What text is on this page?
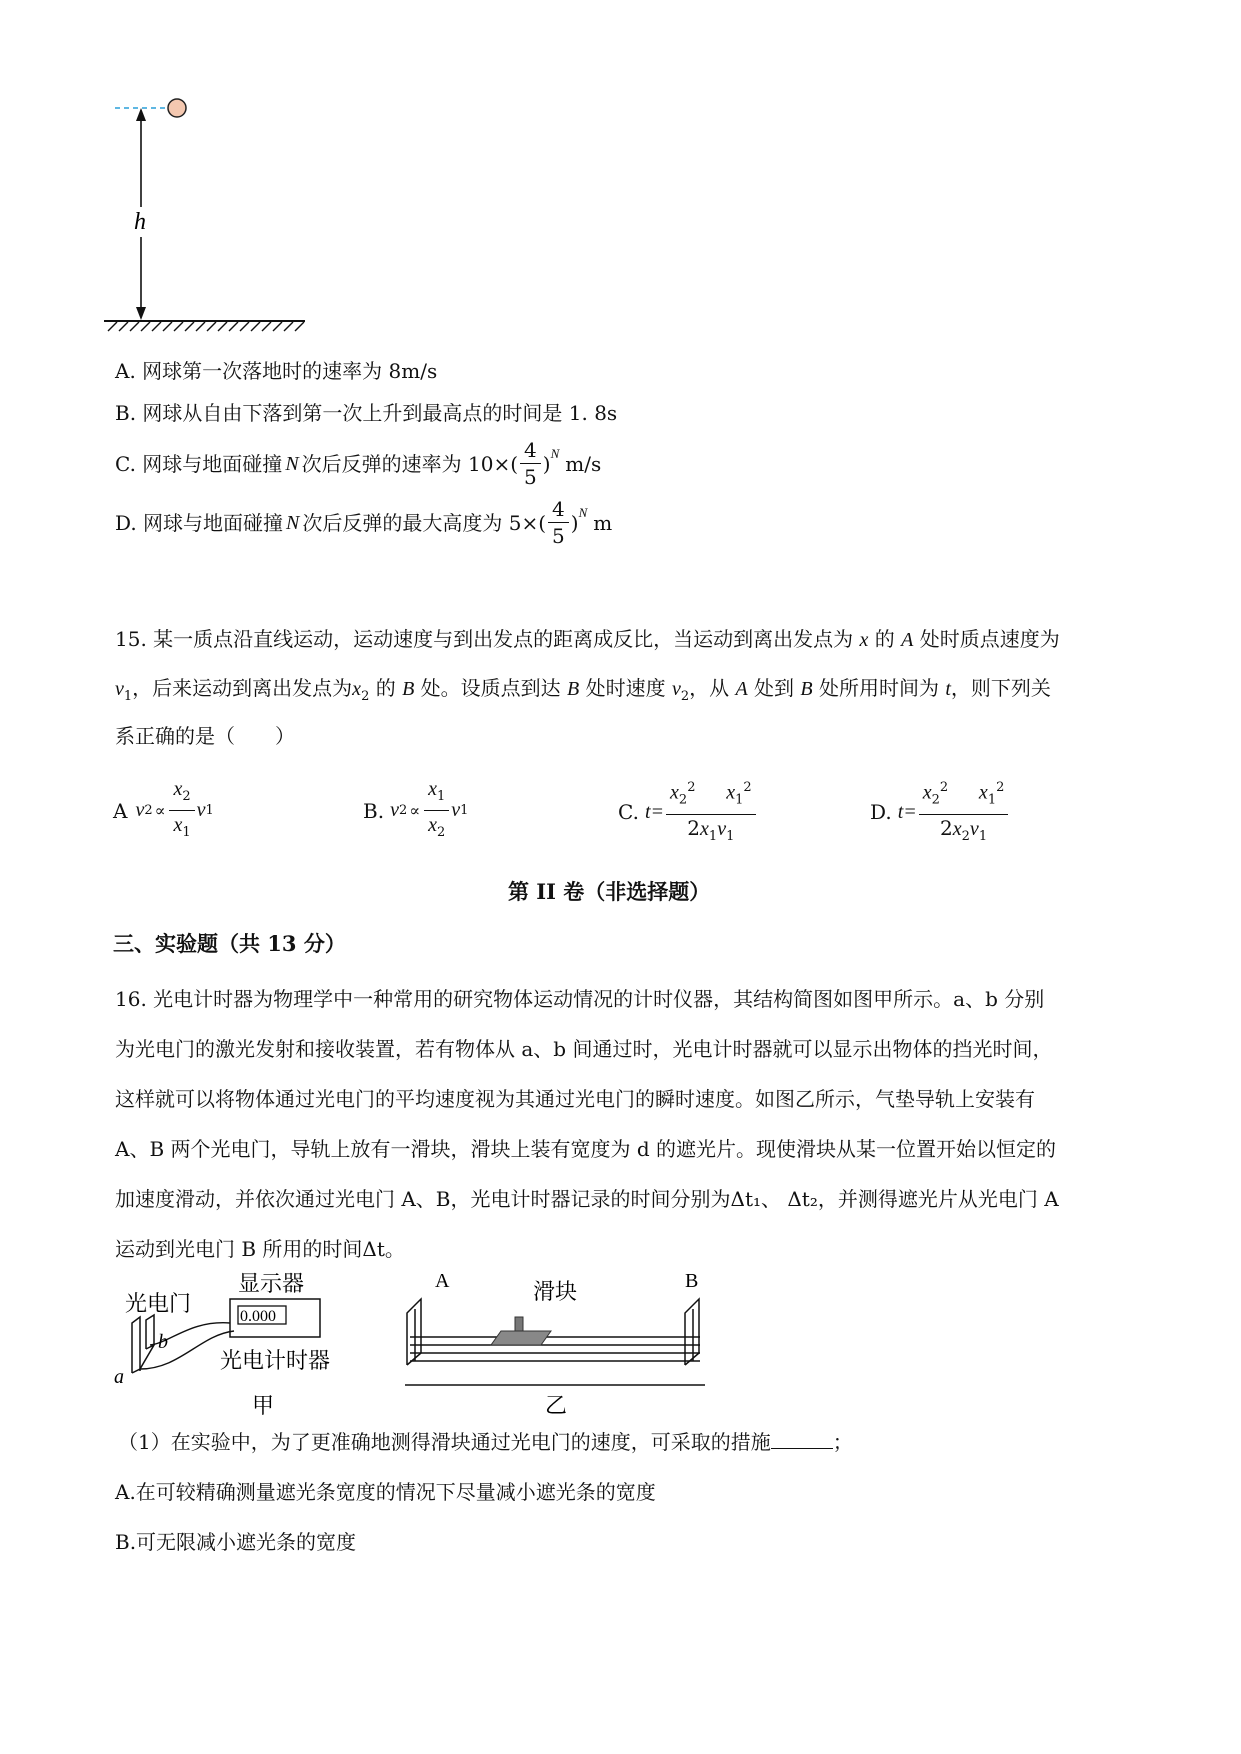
h
A. 网球第一次落地时的速率为 8m/s
B. 网球从自由下落到第一次上升到最高点的时间是 1. 8s
C. 网球与地面碰撞 N 次后反弹的速率为 $10\times( \frac{4}{5} )^N$ m/s
D. 网球与地面碰撞 N 次后反弹的最大高度为 $5\times( \frac{4}{5} )^N$ m
15. 某一质点沿直线运动，运动速度与到出发点的距离成反比，当运动到离出发点为 x 的 A 处时质点速度为
$v_1$，后来运动到离出发点为$x_2$ 的 B 处。设质点到达 B 处时速度 $v_2$，从 A 处到 B 处所用时间为 t，则下列关
系正确的是（　　）
A v $2 \propto \frac{x_2}{x_1}$ v 1	B. v $2 \propto \frac{x_1}{x_2}$ v 1	C. $t= \frac{x_2^2 x_1^2}{2x_1v_1}$	D. $t= \frac{x_2^2 x_1^2}{2x_2v_1}$
第 II 卷（非选择题）
三、实验题（共 13 分）
16. 光电计时器为物理学中一种常用的研究物体运动情况的计时仪器，其结构简图如图甲所示。a、b 分别
为光电门的激光发射和接收装置，若有物体从 a、b 间通过时，光电计时器就可以显示出物体的挡光时间，
这样就可以将物体通过光电门的平均速度视为其通过光电门的瞬时速度。如图乙所示，气垫导轨上安装有
A、B 两个光电门，导轨上放有一滑块，滑块上装有宽度为 d 的遮光片。现使滑块从某一位置开始以恒定的
加速度滑动，并依次通过光电门 A、B，光电计时器记录的时间分别为Δt₁、 Δt₂，并测得遮光片从光电门 A
运动到光电门 B 所用的时间Δt。
光电门
显示器
0.000
a
b
光电计时器
甲
A	B
滑块
乙
（1）在实验中，为了更准确地测得滑块通过光电门的速度，可采取的措施	；
A.在可较精确测量遮光条宽度的情况下尽量减小遮光条的宽度
B.可无限减小遮光条的宽度
